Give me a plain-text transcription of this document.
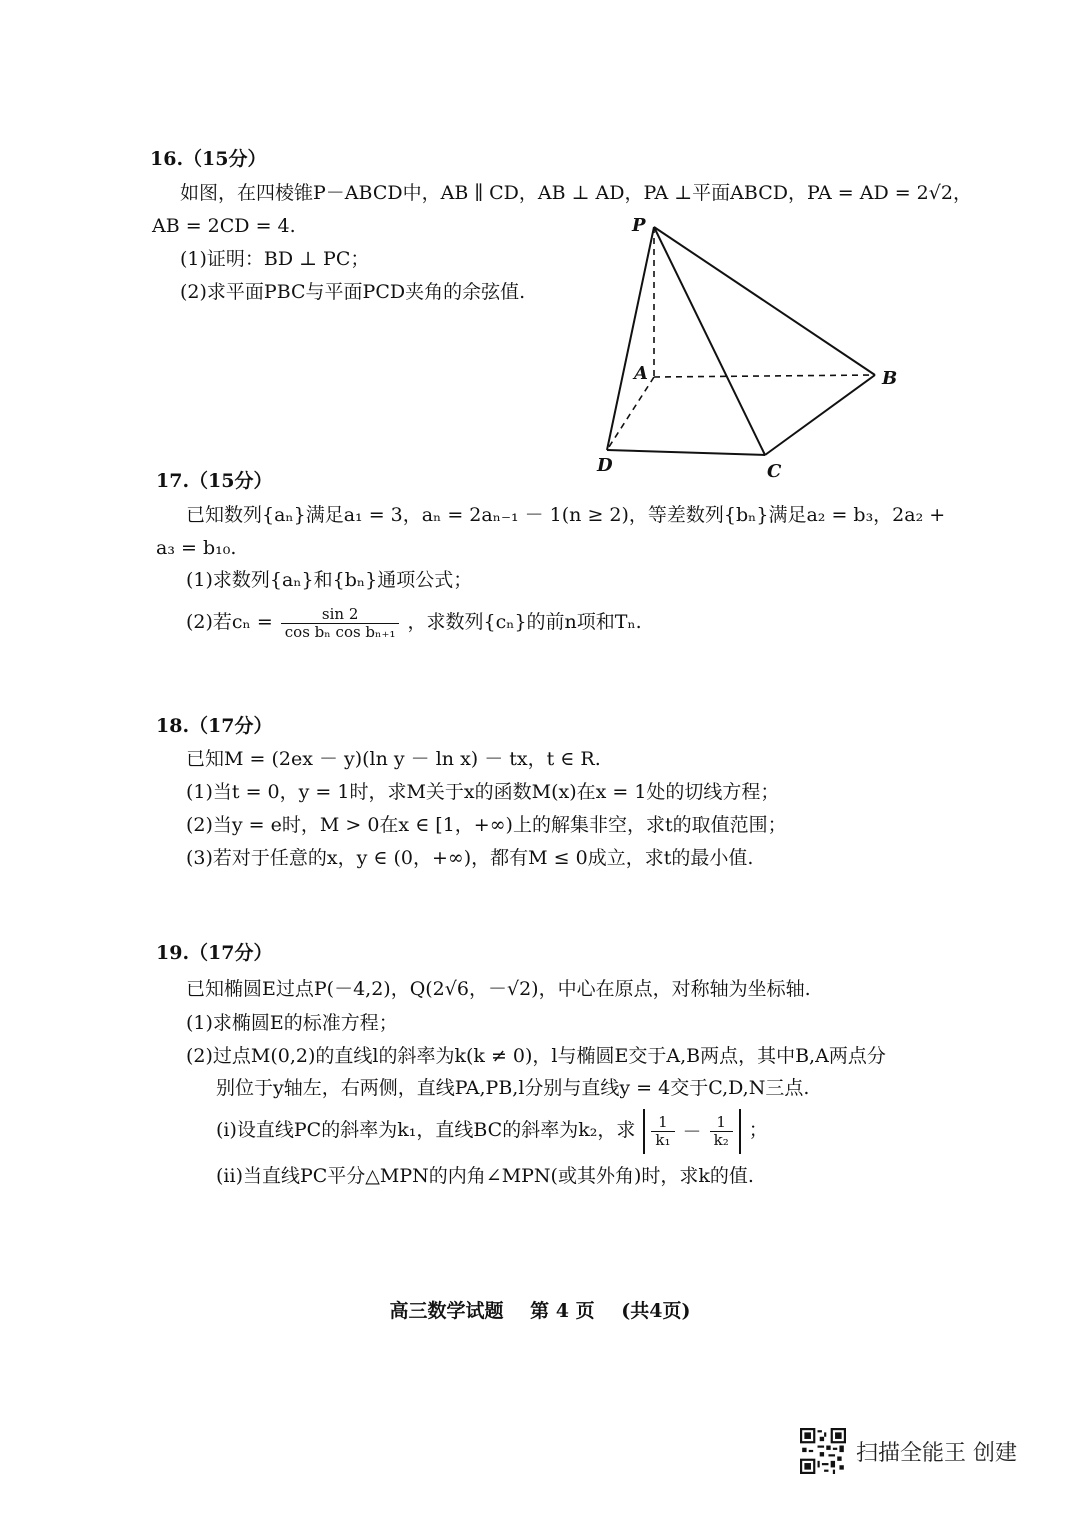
16.（15分）
如图，在四棱锥P－ABCD中，AB ∥ CD，AB ⊥ AD，PA ⊥平面ABCD，PA = AD = 2√2，
AB = 2CD = 4.
(1)证明：BD ⊥ PC；
(2)求平面PBC与平面PCD夹角的余弦值.
P
A	B
C
D
17.（15分）
已知数列{aₙ}满足a₁ = 3，aₙ = 2aₙ₋₁ － 1(n ≥ 2)，等差数列{bₙ}满足a₂ = b₃，2a₂ +
a₃ = b₁₀.
(1)求数列{aₙ}和{bₙ}通项公式；
(2)若$c_n = \frac{\sin 2}{\text{cos bₙ cos bₙ₊₁}}$ ，求数列{cₙ}的前n项和Tₙ.
18.（17分）
已知M = (2ex － y)(ln y － ln x) － tx，t ∈ R.
(1)当t = 0，y = 1时，求M关于x的函数M(x)在x = 1处的切线方程；
(2)当y = e时，M > 0在x ∈ [1，+∞)上的解集非空，求t的取值范围；
(3)若对于任意的x，y ∈ (0，+∞)，都有M ≤ 0成立，求t的最小值.
19.（17分）
已知椭圆E过点P(－4,2)，Q(2√6，－√2)，中心在原点，对称轴为坐标轴.
(1)求椭圆E的标准方程；
(2)过点M(0,2)的直线l的斜率为k(k ≠ 0)，l与椭圆E交于A,B两点，其中B,A两点分
别位于y轴左，右两侧，直线PA,PB,l分别与直线y = 4交于C,D,N三点.
(i)设直线PC的斜率为k₁，直线BC的斜率为k₂，求 $\frac{1}{\text{k₁}} - \frac{1}{\text{k₂}}$ ；
(ii)当直线PC平分△MPN的内角∠MPN(或其外角)时，求k的值.
高三数学试题 第 4 页 (共4页)
扫描全能王 创建
